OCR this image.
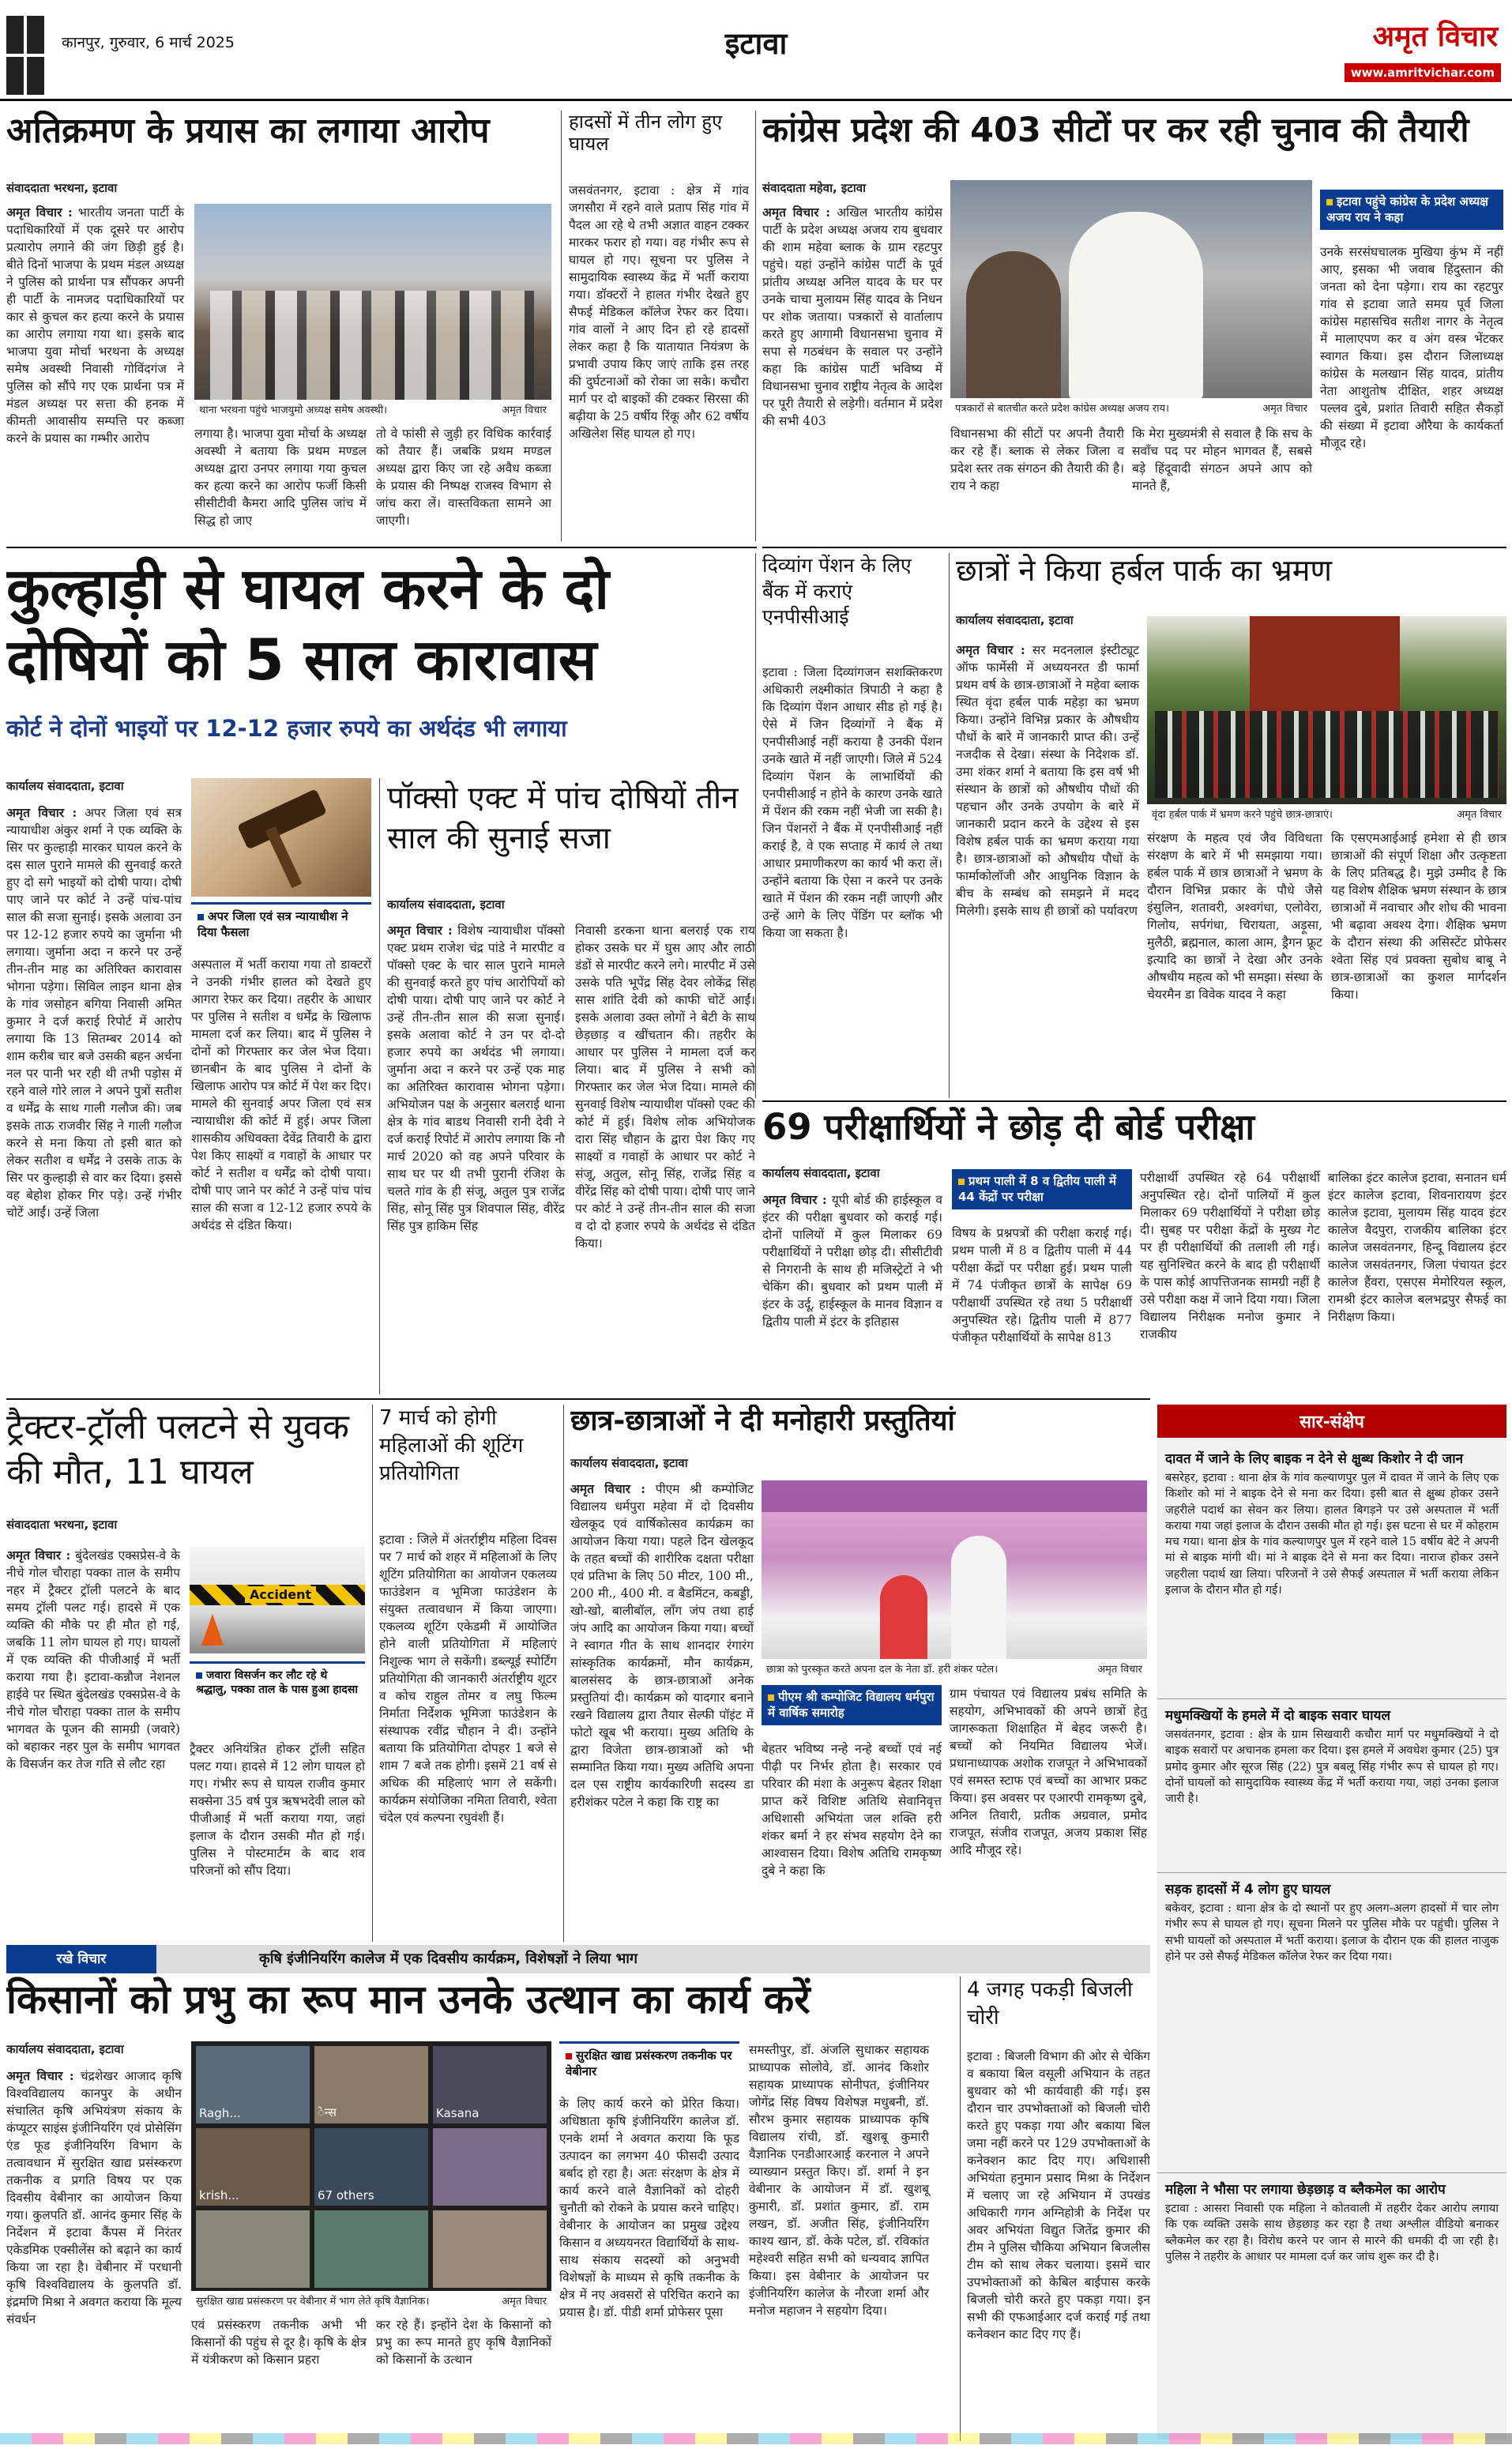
कानपुर, गुरुवार, 6 मार्च 2025	इटावा	अमृत विचार
www.amritvichar.com
अतिक्रमण के प्रयास का लगाया आरोप
संवाददाता भरथना, इटावा
अमृत विचार : भारतीय जनता पार्टी के पदाधिकारियों में एक दूसरे पर आरोप प्रत्यारोप लगाने की जंग छिड़ी हुई है। बीते दिनों भाजपा के प्रथम मंडल अध्यक्ष ने पुलिस को प्रार्थना पत्र सौंपकर अपनी ही पार्टी के नामजद पदाधिकारियों पर कार से कुचल कर हत्या करने के प्रयास का आरोप लगाया गया था। इसके बाद भाजपा युवा मोर्चा भरथना के अध्यक्ष समेष अवस्थी निवासी गोविंदगंज ने पुलिस को सौंपे गए एक प्रार्थना पत्र में मंडल अध्यक्ष पर सत्ता की हनक में कीमती आवासीय सम्पत्ति पर कब्जा करने के प्रयास का गम्भीर आरोप
थाना भरथना पहुंचे भाजयुमो अध्यक्ष समेष अवस्थी।	अमृत विचार
लगाया है। भाजपा युवा मोर्चा के अध्यक्ष अवस्थी ने बताया कि प्रथम मण्डल अध्यक्ष द्वारा उनपर लगाया गया कुचल कर हत्या करने का आरोप फर्जी किसी सीसीटीवी कैमरा आदि पुलिस जांच में सिद्ध हो जाए
तो वे फांसी से जुड़ी हर विधिक कार्रवाई को तैयार हैं। जबकि प्रथम मण्डल अध्यक्ष द्वारा किए जा रहे अवैध कब्जा के प्रयास की निष्पक्ष राजस्व विभाग से जांच करा लें। वास्तविकता सामने आ जाएगी।
हादसों में तीन लोग हुए घायल
जसवंतनगर, इटावा : क्षेत्र में गांव जगसौरा में रहने वाले प्रताप सिंह गांव में पैदल आ रहे थे तभी अज्ञात वाहन टक्कर मारकर फरार हो गया। वह गंभीर रूप से घायल हो गए। सूचना पर पुलिस ने सामुदायिक स्वास्थ्य केंद्र में भर्ती कराया गया। डॉक्टरों ने हालत गंभीर देखते हुए सैफई मेडिकल कॉलेज रेफर कर दिया। गांव वालों ने आए दिन हो रहे हादसों लेकर कहा है कि यातायात नियंत्रण के प्रभावी उपाय किए जाएं ताकि इस तरह की दुर्घटनाओं को रोका जा सके। कचौरा मार्ग पर दो बाइकों की टक्कर सिरसा की बढ़ीया के 25 वर्षीय रिंकू और 62 वर्षीय अखिलेश सिंह घायल हो गए।
कांग्रेस प्रदेश की 403 सीटों पर कर रही चुनाव की तैयारी
संवाददाता महेवा, इटावा
अमृत विचार : अखिल भारतीय कांग्रेस पार्टी के प्रदेश अध्यक्ष अजय राय बुधवार की शाम महेवा ब्लाक के ग्राम रहटपुर पहुंचे। यहां उन्होंने कांग्रेस पार्टी के पूर्व प्रांतीय अध्यक्ष अनिल यादव के घर पर उनके चाचा मुलायम सिंह यादव के निधन पर शोक जताया। पत्रकारों से वार्तालाप करते हुए आगामी विधानसभा चुनाव में सपा से गठबंधन के सवाल पर उन्होंने कहा कि कांग्रेस पार्टी भविष्य में विधानसभा चुनाव राष्ट्रीय नेतृत्व के आदेश पर पूरी तैयारी से लड़ेगी। वर्तमान में प्रदेश की सभी 403
पत्रकारों से बातचीत करते प्रदेश कांग्रेस अध्यक्ष अजय राय।	अमृत विचार
इटावा पहुंचे कांग्रेस के प्रदेश अध्यक्ष अजय राय ने कहा
उनके सरसंघचालक मुखिया कुंभ में नहीं आए, इसका भी जवाब हिंदुस्तान की जनता को देना पड़ेगा। राय का रहटपुर गांव से इटावा जाते समय पूर्व जिला कांग्रेस महासचिव सतीश नागर के नेतृत्व में मालाएपण कर व अंग वस्त्र भेंटकर स्वागत किया। इस दौरान जिलाध्यक्ष कांग्रेस के मलखान सिंह यादव, प्रांतीय नेता आशुतोष दीक्षित, शहर अध्यक्ष पल्लव दुबे, प्रशांत तिवारी सहित सैकड़ों की संख्या में इटावा औरैया के कार्यकर्ता मौजूद रहे।
विधानसभा की सीटों पर अपनी तैयारी कर रहे हैं। ब्लाक से लेकर जिला व प्रदेश स्तर तक संगठन की तैयारी की है। राय ने कहा
कि मेरा मुख्यमंत्री से सवाल है कि सच के सवाँच पद पर मोहन भागवत हैं, सबसे बड़े हिंदूवादी संगठन अपने आप को मानते हैं,
कुल्हाड़ी से घायल करने के दो दोषियों को 5 साल कारावास
कोर्ट ने दोनों भाइयों पर 12-12 हजार रुपये का अर्थदंड भी लगाया
कार्यालय संवाददाता, इटावा
अमृत विचार : अपर जिला एवं सत्र न्यायाधीश अंकुर शर्मा ने एक व्यक्ति के सिर पर कुल्हाड़ी मारकर घायल करने के दस साल पुराने मामले की सुनवाई करते हुए दो सगे भाइयों को दोषी पाया। दोषी पाए जाने पर कोर्ट ने उन्हें पांच-पांच साल की सजा सुनाई। इसके अलावा उन पर 12-12 हजार रुपये का जुर्माना भी लगाया। जुर्माना अदा न करने पर उन्हें तीन-तीन माह का अतिरिक्त कारावास भोगना पड़ेगा। सिविल लाइन थाना क्षेत्र के गांव जसोहन बगिया निवासी अमित कुमार ने दर्ज कराई रिपोर्ट में आरोप लगाया कि 13 सितम्बर 2014 को शाम करीब चार बजे उसकी बहन अर्चना नल पर पानी भर रही थी तभी पड़ोस में रहने वाले गोरे लाल ने अपने पुत्रों सतीश व धर्मेंद्र के साथ गाली गलौज की। जब इसके ताऊ राजवीर सिंह ने गाली गलौज करने से मना किया तो इसी बात को लेकर सतीश व धर्मेंद्र ने उसके ताऊ के सिर पर कुल्हाड़ी से वार कर दिया। इससे वह बेहोश होकर गिर पड़े। उन्हें गंभीर चोटें आईं। उन्हें जिला
अपर जिला एवं सत्र न्यायाधीश ने दिया फैसला
अस्पताल में भर्ती कराया गया तो डाक्टरों ने उनकी गंभीर हालत को देखते हुए आगरा रेफर कर दिया। तहरीर के आधार पर पुलिस ने सतीश व धर्मेंद्र के खिलाफ मामला दर्ज कर लिया। बाद में पुलिस ने दोनों को गिरफ्तार कर जेल भेज दिया। छानबीन के बाद पुलिस ने दोनों के खिलाफ आरोप पत्र कोर्ट में पेश कर दिए। मामले की सुनवाई अपर जिला एवं सत्र न्यायाधीश की कोर्ट में हुई। अपर जिला शासकीय अधिवक्ता देवेंद्र तिवारी के द्वारा पेश किए साक्ष्यों व गवाहों के आधार पर कोर्ट ने सतीश व धर्मेंद्र को दोषी पाया। दोषी पाए जाने पर कोर्ट ने उन्हें पांच पांच साल की सजा व 12-12 हजार रुपये के अर्थदंड से दंडित किया।
पॉक्सो एक्ट में पांच दोषियों तीन साल की सुनाई सजा
कार्यालय संवाददाता, इटावा
अमृत विचार : विशेष न्यायाधीश पॉक्सो एक्ट प्रथम राजेश चंद्र पांडे ने मारपीट व पॉक्सो एक्ट के चार साल पुराने मामले की सुनवाई करते हुए पांच आरोपियों को दोषी पाया। दोषी पाए जाने पर कोर्ट ने उन्हें तीन-तीन साल की सजा सुनाई। इसके अलावा कोर्ट ने उन पर दो-दो हजार रुपये का अर्थदंड भी लगाया। जुर्माना अदा न करने पर उन्हें एक माह का अतिरिक्त कारावास भोगना पड़ेगा। अभियोजन पक्ष के अनुसार बलराई थाना क्षेत्र के गांव बाडथ निवासी रानी देवी ने दर्ज कराई रिपोर्ट में आरोप लगाया कि नौ मार्च 2020 को वह अपने परिवार के साथ घर पर थी तभी पुरानी रंजिश के चलते गांव के ही संजू, अतुल पुत्र राजेंद्र सिंह, सोनू सिंह पुत्र शिवपाल सिंह, वीरेंद्र सिंह पुत्र हाकिम सिंह
निवासी डरकना थाना बलराई एक राय होकर उसके घर में घुस आए और लाठी डंडों से मारपीट करने लगे। मारपीट में उसे उसके पति भूपेंद्र सिंह देवर लोकेंद्र सिंह सास शांति देवी को काफी चोटें आईं। इसके अलावा उक्त लोगों ने बेटी के साथ छेड़छाड़ व खींचतान की। तहरीर के आधार पर पुलिस ने मामला दर्ज कर लिया। बाद में पुलिस ने सभी को गिरफ्तार कर जेल भेज दिया। मामले की सुनवाई विशेष न्यायाधीश पॉक्सो एक्ट की कोर्ट में हुई। विशेष लोक अभियोजक दारा सिंह चौहान के द्वारा पेश किए गए साक्ष्यों व गवाहों के आधार पर कोर्ट ने संजू, अतुल, सोनू सिंह, राजेंद्र सिंह व वीरेंद्र सिंह को दोषी पाया। दोषी पाए जाने पर कोर्ट ने उन्हें तीन-तीन साल की सजा व दो दो हजार रुपये के अर्थदंड से दंडित किया।
दिव्यांग पेंशन के लिए बैंक में कराएं एनपीसीआई
इटावा : जिला दिव्यांगजन सशक्तिकरण अधिकारी लक्ष्मीकांत त्रिपाठी ने कहा है कि दिव्यांग पेंशन आधार सीड हो गई है। ऐसे में जिन दिव्यांगों ने बैंक में एनपीसीआई नहीं कराया है उनकी पेंशन उनके खाते में नहीं जाएगी। जिले में 524 दिव्यांग पेंशन के लाभार्थियों की एनपीसीआई न होने के कारण उनके खाते में पेंशन की रकम नहीं भेजी जा सकी है। जिन पेंशनरों ने बैंक में एनपीसीआई नहीं कराई है, वे एक सप्ताह में कार्य ले तथा आधार प्रमाणीकरण का कार्य भी करा लें। उन्होंने बताया कि ऐसा न करने पर उनके खाते में पेंशन की रकम नहीं जाएगी और उन्हें आगे के लिए पेंडिंग पर ब्लॉक भी किया जा सकता है।
छात्रों ने किया हर्बल पार्क का भ्रमण
कार्यालय संवाददाता, इटावा
अमृत विचार : सर मदनलाल इंस्टीट्यूट ऑफ फार्मेसी में अध्ययनरत डी फार्मा प्रथम वर्ष के छात्र-छात्राओं ने महेवा ब्लाक स्थित वृंदा हर्बल पार्क महेड़ा का भ्रमण किया। उन्होंने विभिन्न प्रकार के औषधीय पौधों के बारे में जानकारी प्राप्त की। उन्हें नजदीक से देखा। संस्था के निदेशक डॉ. उमा शंकर शर्मा ने बताया कि इस वर्ष भी संस्थान के छात्रों को औषधीय पौधों की पहचान और उनके उपयोग के बारे में जानकारी प्रदान करने के उद्देश्य से इस विशेष हर्बल पार्क का भ्रमण कराया गया है। छात्र-छात्राओं को औषधीय पौधों के फार्माकोलॉजी और आधुनिक विज्ञान के बीच के सम्बंध को समझने में मदद मिलेगी। इसके साथ ही छात्रों को पर्यावरण
वृंदा हर्बल पार्क में भ्रमण करने पहुंचे छात्र-छात्राएं।	अमृत विचार
संरक्षण के महत्व एवं जैव विविधता संरक्षण के बारे में भी समझाया गया। हर्बल पार्क में छात्र छात्राओं ने भ्रमण के दौरान विभिन्न प्रकार के पौधे जैसे इंसुलिन, शतावरी, अश्वगंधा, एलोवेरा, गिलोय, सर्पगंधा, चिरायता, अड़ूसा, मुलैठी, ब्रह्मनाल, काला आम, ड्रैगन फ्रूट इत्यादि का छात्रों ने देखा और उनके औषधीय महत्व को भी समझा। संस्था के चेयरमैन डा विवेक यादव ने कहा
कि एसएमआईआई हमेशा से ही छात्र छात्राओं की संपूर्ण शिक्षा और उत्कृष्टता के लिए प्रतिबद्ध है। मुझे उम्मीद है कि यह विशेष शैक्षिक भ्रमण संस्थान के छात्र छात्राओं में नवाचार और शोध की भावना भी बढ़ावा अवश्य देगा। शैक्षिक भ्रमण के दौरान संस्था की असिस्टेंट प्रोफेसर श्वेता सिंह एवं प्रवक्ता सुबोध बाबू ने छात्र-छात्राओं का कुशल मार्गदर्शन किया।
69 परीक्षार्थियों ने छोड़ दी बोर्ड परीक्षा
कार्यालय संवाददाता, इटावा
अमृत विचार : यूपी बोर्ड की हाईस्कूल व इंटर की परीक्षा बुधवार को कराई गई। दोनों पालियों में कुल मिलाकर 69 परीक्षार्थियों ने परीक्षा छोड़ दी। सीसीटीवी से निगरानी के साथ ही मजिस्ट्रेटों ने भी चेकिंग की। बुधवार को प्रथम पाली में इंटर के उर्दू, हाईस्कूल के मानव विज्ञान व द्वितीय पाली में इंटर के इतिहास
प्रथम पाली में 8 व द्वितीय पाली में 44 केंद्रों पर परीक्षा
विषय के प्रश्नपत्रों की परीक्षा कराई गई। प्रथम पाली में 8 व द्वितीय पाली में 44 परीक्षा केंद्रों पर परीक्षा हुई। प्रथम पाली में 74 पंजीकृत छात्रों के सापेक्ष 69 परीक्षार्थी उपस्थित रहे तथा 5 परीक्षार्थी अनुपस्थित रहे। द्वितीय पाली में 877 पंजीकृत परीक्षार्थियों के सापेक्ष 813
परीक्षार्थी उपस्थित रहे 64 परीक्षार्थी अनुपस्थित रहे। दोनों पालियों में कुल मिलाकर 69 परीक्षार्थियों ने परीक्षा छोड़ दी। सुबह पर परीक्षा केंद्रों के मुख्य गेट पर ही परीक्षार्थियों की तलाशी ली गई। यह सुनिश्चित करने के बाद ही परीक्षार्थी के पास कोई आपत्तिजनक सामग्री नहीं है उसे परीक्षा कक्ष में जाने दिया गया। जिला विद्यालय निरीक्षक मनोज कुमार ने राजकीय
बालिका इंटर कालेज इटावा, सनातन धर्म इंटर कालेज इटावा, शिवनारायण इंटर कालेज इटावा, मुलायम सिंह यादव इंटर कालेज वैदपुरा, राजकीय बालिका इंटर कालेज जसवंतनगर, हिन्दू विद्यालय इंटर कालेज जसवंतनगर, जिला पंचायत इंटर कालेज हैंवरा, एसएस मेमोरियल स्कूल, रामश्री इंटर कालेज बलभद्रपुर सैफई का निरीक्षण किया।
ट्रैक्टर-ट्रॉली पलटने से युवक की मौत, 11 घायल
संवाददाता भरथना, इटावा
अमृत विचार : बुंदेलखंड एक्सप्रेस-वे के नीचे गोल चौराहा पक्का ताल के समीप नहर में ट्रैक्टर ट्रॉली पलटने के बाद समय ट्रॉली पलट गई। हादसे में एक व्यक्ति की मौके पर ही मौत हो गई, जबकि 11 लोग घायल हो गए। घायलों में एक व्यक्ति की पीजीआई में भर्ती कराया गया है। इटावा-कन्नौज नेशनल हाईवे पर स्थित बुंदेलखंड एक्सप्रेस-वे के नीचे गोल चौराहा पक्का ताल के समीप भागवत के पूजन की सामग्री (जवारे) को बहाकर नहर पुल के समीप भागवत के विसर्जन कर तेज गति से लौट रहा
Accident
जवारा विसर्जन कर लौट रहे थे श्रद्धालु, पक्का ताल के पास हुआ हादसा
ट्रैक्टर अनियंत्रित होकर ट्रॉली सहित पलट गया। हादसे में 12 लोग घायल हो गए। गंभीर रूप से घायल राजीव कुमार सक्सेना 35 वर्ष पुत्र ऋषभदेवी लाल को पीजीआई में भर्ती कराया गया, जहां इलाज के दौरान उसकी मौत हो गई। पुलिस ने पोस्टमार्टम के बाद शव परिजनों को सौंप दिया।
7 मार्च को होगी महिलाओं की शूटिंग प्रतियोगिता
इटावा : जिले में अंतर्राष्ट्रीय महिला दिवस पर 7 मार्च को शहर में महिलाओं के लिए शूटिंग प्रतियोगिता का आयोजन एकलव्य फाउंडेशन व भूमिजा फाउंडेशन के संयुक्त तत्वावधान में किया जाएगा। एकलव्य शूटिंग एकेडमी में आयोजित होने वाली प्रतियोगिता में महिलाएं निशुल्क भाग ले सकेंगी। डब्ल्यूई स्पोर्टिंग प्रतियोगिता की जानकारी अंतर्राष्ट्रीय शूटर व कोच राहुल तोमर व लघु फिल्म निर्माता निर्देशक भूमिजा फाउंडेशन के संस्थापक रवींद्र चौहान ने दी। उन्होंने बताया कि प्रतियोगिता दोपहर 1 बजे से शाम 7 बजे तक होगी। इसमें 21 वर्ष से अधिक की महिलाएं भाग ले सकेंगी। कार्यक्रम संयोजिका नमिता तिवारी, श्वेता चंदेल एवं कल्पना रघुवंशी हैं।
छात्र-छात्राओं ने दी मनोहारी प्रस्तुतियां
कार्यालय संवाददाता, इटावा
अमृत विचार : पीएम श्री कम्पोजिट विद्यालय धर्मपुरा महेवा में दो दिवसीय खेलकूद एवं वार्षिकोत्सव कार्यक्रम का आयोजन किया गया। पहले दिन खेलकूद के तहत बच्चों की शारीरिक दक्षता परीक्षा एवं प्रतिभा के लिए 50 मीटर, 100 मी., 200 मी., 400 मी. व बैडमिंटन, कबड्डी, खो-खो, बालीबॉल, लॉंग जंप तथा हाई जंप आदि का आयोजन किया गया। बच्चों ने स्वागत गीत के साथ शानदार रंगारंग सांस्कृतिक कार्यक्रमों, मौन कार्यक्रम, बालसंसद के छात्र-छात्राओं अनेक प्रस्तुतियां दी। कार्यक्रम को यादगार बनाने रखने विद्यालय द्वारा तैयार सेल्फी पॉइंट में फोटो खूब भी कराया। मुख्य अतिथि के द्वारा विजेता छात्र-छात्राओं को भी सम्मानित किया गया। मुख्य अतिथि अपना दल एस राष्ट्रीय कार्यकारिणी सदस्य डा हरीशंकर पटेल ने कहा कि राष्ट्र का
छात्रा को पुरस्कृत करते अपना दल के नेता डॉ. हरी शंकर पटेल।	अमृत विचार
पीएम श्री कम्पोजिट विद्यालय धर्मपुरा में वार्षिक समारोह
बेहतर भविष्य नन्हे नन्हे बच्चों एवं नई पीढ़ी पर निर्भर होता है। सरकार एवं परिवार की मंशा के अनुरूप बेहतर शिक्षा प्राप्त करें विशिष्ट अतिथि सेवानिवृत्त अधिशासी अभियंता जल शक्ति हरी शंकर बर्मा ने हर संभव सहयोग देने का आश्वासन दिया। विशेष अतिथि रामकृष्ण दुबे ने कहा कि
ग्राम पंचायत एवं विद्यालय प्रबंध समिति के सहयोग, अभिभावकों की अपने छात्रों हेतु जागरूकता शिक्षाहित में बेहद जरूरी है। बच्चों को नियमित विद्यालय भेजें। प्रधानाध्यापक अशोक राजपूत ने अभिभावकों एवं समस्त स्टाफ एवं बच्चों का आभार प्रकट किया। इस अवसर पर एआरपी रामकृष्ण दुबे, अनिल तिवारी, प्रतीक अग्रवाल, प्रमोद राजपूत, संजीव राजपूत, अजय प्रकाश सिंह आदि मौजूद रहे।
सार-संक्षेप
दावत में जाने के लिए बाइक न देने से क्षुब्ध किशोर ने दी जान
बसरेहर, इटावा : थाना क्षेत्र के गांव कल्याणपुर पुल में दावत में जाने के लिए एक किशोर को मां ने बाइक देने से मना कर दिया। इसी बात से क्षुब्ध होकर उसने जहरीले पदार्थ का सेवन कर लिया। हालत बिगड़ने पर उसे अस्पताल में भर्ती कराया गया जहां इलाज के दौरान उसकी मौत हो गई। इस घटना से घर में कोहराम मच गया। थाना क्षेत्र के गांव कल्याणपुर पुल में रहने वाले 15 वर्षीय बेटे ने अपनी मां से बाइक मांगी थी। मां ने बाइक देने से मना कर दिया। नाराज होकर उसने जहरीला पदार्थ खा लिया। परिजनों ने उसे सैफई अस्पताल में भर्ती कराया लेकिन इलाज के दौरान मौत हो गई।
मधुमक्खियों के हमले में दो बाइक सवार घायल
जसवंतनगर, इटावा : क्षेत्र के ग्राम सिखवारी कचौरा मार्ग पर मधुमक्खियों ने दो बाइक सवारों पर अचानक हमला कर दिया। इस हमले में अवधेश कुमार (25) पुत्र प्रमोद कुमार और सूरज सिंह (22) पुत्र बबलू सिंह गंभीर रूप से घायल हो गए। दोनों घायलों को सामुदायिक स्वास्थ्य केंद्र में भर्ती कराया गया, जहां उनका इलाज जारी है।
सड़क हादसों में 4 लोग हुए घायल
बकेवर, इटावा : थाना क्षेत्र के दो स्थानों पर हुए अलग-अलग हादसों में चार लोग गंभीर रूप से घायल हो गए। सूचना मिलने पर पुलिस मौके पर पहुंची। पुलिस ने सभी घायलों को अस्पताल में भर्ती कराया। इलाज के दौरान एक की हालत नाजुक होने पर उसे सैफई मेडिकल कॉलेज रेफर कर दिया गया।
महिला ने भौसा पर लगाया छेड़छाड़ व ब्लैकमेल का आरोप
इटावा : आसरा निवासी एक महिला ने कोतवाली में तहरीर देकर आरोप लगाया कि एक व्यक्ति उसके साथ छेड़छाड़ कर रहा है तथा अश्लील वीडियो बनाकर ब्लैकमेल कर रहा है। विरोध करने पर जान से मारने की धमकी दी जा रही है। पुलिस ने तहरीर के आधार पर मामला दर्ज कर जांच शुरू कर दी है।
रखे विचार	कृषि इंजीनियरिंग कालेज में एक दिवसीय कार्यक्रम, विशेषज्ञों ने लिया भाग
किसानों को प्रभु का रूप मान उनके उत्थान का कार्य करें
कार्यालय संवाददाता, इटावा
अमृत विचार : चंद्रशेखर आजाद कृषि विश्वविद्यालय कानपुर के अधीन संचालित कृषि अभियंत्रण संकाय के कंप्यूटर साइंस इंजीनियरिंग एवं प्रोसेसिंग एंड फूड इंजीनियरिंग विभाग के तत्वावधान में सुरक्षित खाद्य प्रसंस्करण तकनीक व प्रगति विषय पर एक दिवसीय वेबीनार का आयोजन किया गया। कुलपति डॉ. आनंद कुमार सिंह के निर्देशन में इटावा कैंपस में निरंतर एकेडमिक एक्सीलेंस को बढ़ाने का कार्य किया जा रहा है। वेबीनार में परधानी कृषि विश्वविद्यालय के कुलपति डॉ. इंद्रमणि मिश्रा ने अवगत कराया कि मूल्य संवर्धन
Ragh...	ेन्‍स	Kasana
krish...	67 others
सुरक्षित खाद्य प्रसंस्करण पर वेबीनार में भाग लेते कृषि वैज्ञानिक।	अमृत विचार
एवं प्रसंस्करण तकनीक अभी भी किसानों की पहुंच से दूर है। कृषि के क्षेत्र में यंत्रीकरण को किसान प्रहरा
कर रहे हैं। इन्होंने देश के किसानों को प्रभु का रूप मानते हुए कृषि वैज्ञानिकों को किसानों के उत्थान
सुरक्षित खाद्य प्रसंस्करण तकनीक पर वेबीनार
के लिए कार्य करने को प्रेरित किया। अधिष्ठाता कृषि इंजीनियरिंग कालेज डॉ. एनके शर्मा ने अवगत कराया कि फूड उत्पादन का लगभग 40 फीसदी उत्पाद बर्बाद हो रहा है। अतः संरक्षण के क्षेत्र में कार्य करने वाले वैज्ञानिकों को दोहरी चुनौती को रोकने के प्रयास करने चाहिए। वेबीनार के आयोजन का प्रमुख उद्देश्य किसान व अध्ययनरत विद्यार्थियों के साथ-साथ संकाय सदस्यों को अनुभवी विशेषज्ञों के माध्यम से कृषि तकनीक के क्षेत्र में नए अवसरों से परिचित कराने का प्रयास है। डॉ. पीडी शर्मा प्रोफेसर पूसा
समस्तीपुर, डॉ. अंजलि सुधाकर सहायक प्राध्यापक सोलोवे, डॉ. आनंद किशोर सहायक प्राध्यापक सोनीपत, इंजीनियर जोगेंद्र सिंह विषय विशेषज्ञ मधुबनी, डॉ. सौरभ कुमार सहायक प्राध्यापक कृषि विद्यालय रांची, डॉ. खुशबू कुमारी वैज्ञानिक एनडीआरआई करनाल ने अपने व्याख्यान प्रस्तुत किए। डॉ. शर्मा ने इन वेबीनार के आयोजन में डॉ. खुशबू कुमारी, डॉ. प्रशांत कुमार, डॉ. राम लखन, डॉ. अजीत सिंह, इंजीनियरिंग काश्य खान, डॉ. केके पटेल, डॉ. रविकांत महेश्वरी सहित सभी को धन्यवाद ज्ञापित किया। इस वेबीनार के आयोजन पर इंजीनियरिंग कालेज के नौरजा शर्मा और मनोज महाजन ने सहयोग दिया।
4 जगह पकड़ी बिजली चोरी
इटावा : बिजली विभाग की ओर से चेकिंग व बकाया बिल वसूली अभियान के तहत बुधवार को भी कार्यवाही की गई। इस दौरान चार उपभोक्ताओं को बिजली चोरी करते हुए पकड़ा गया और बकाया बिल जमा नहीं करने पर 129 उपभोक्ताओं के कनेक्शन काट दिए गए। अधिशासी अभियंता हनुमान प्रसाद मिश्रा के निर्देशन में चलाए जा रहे अभियान में उपखंड अधिकारी गगन अग्निहोत्री के निर्देश पर अवर अभियंता विद्युत जितेंद्र कुमार की टीम ने पुलिस चौकिया अभियान बिजलीस टीम को साथ लेकर चलाया। इसमें चार उपभोक्ताओं को केबिल बाईपास करके बिजली चोरी करते हुए पकड़ा गया। इन सभी की एफआईआर दर्ज कराई गई तथा कनेक्शन काट दिए गए हैं।
